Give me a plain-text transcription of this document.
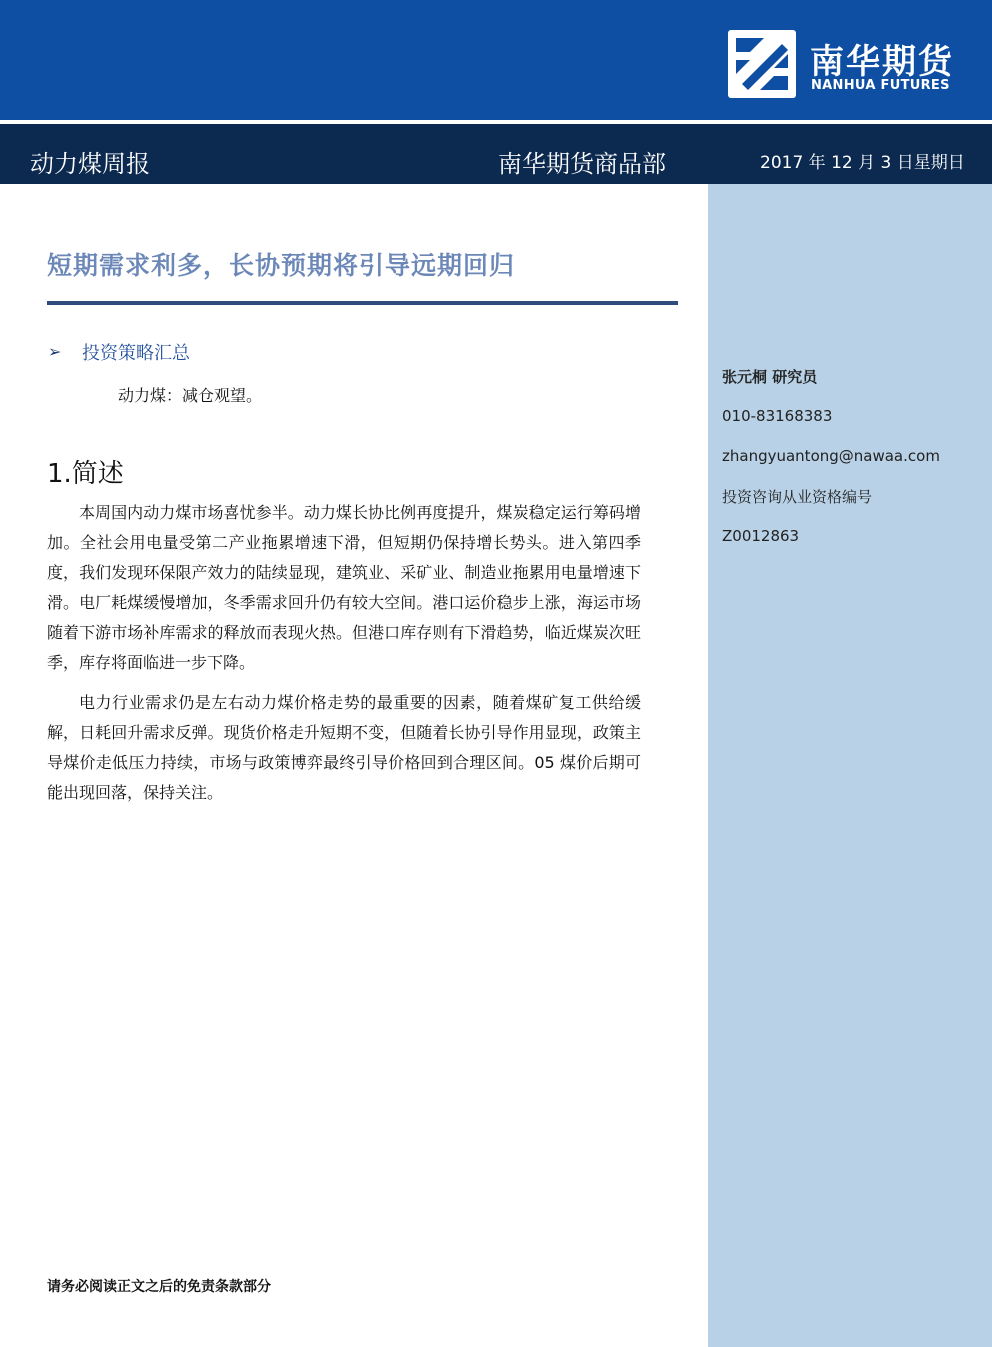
南华期货
NANHUA FUTURES
动力煤周报	南华期货商品部	2017 年 12 月 3 日星期日
张元桐 研究员
010-83168383
zhangyuantong@nawaa.com
投资咨询从业资格编号
Z0012863
短期需求利多，长协预期将引导远期回归
➢ 投资策略汇总
动力煤：减仓观望。
1.简述

本周国内动力煤市场喜忧参半。动力煤长协比例再度提升，煤炭稳定运行筹码增加。全社会用电量受第二产业拖累增速下滑，但短期仍保持增长势头。进入第四季度，我们发现环保限产效力的陆续显现，建筑业、采矿业、制造业拖累用电量增速下滑。电厂耗煤缓慢增加，冬季需求回升仍有较大空间。港口运价稳步上涨，海运市场随着下游市场补库需求的释放而表现火热。但港口库存则有下滑趋势，临近煤炭次旺季，库存将面临进一步下降。

电力行业需求仍是左右动力煤价格走势的最重要的因素，随着煤矿复工供给缓解，日耗回升需求反弹。现货价格走升短期不变，但随着长协引导作用显现，政策主导煤价走低压力持续，市场与政策博弈最终引导价格回到合理区间。05 煤价后期可能出现回落，保持关注。

请务必阅读正文之后的免责条款部分
